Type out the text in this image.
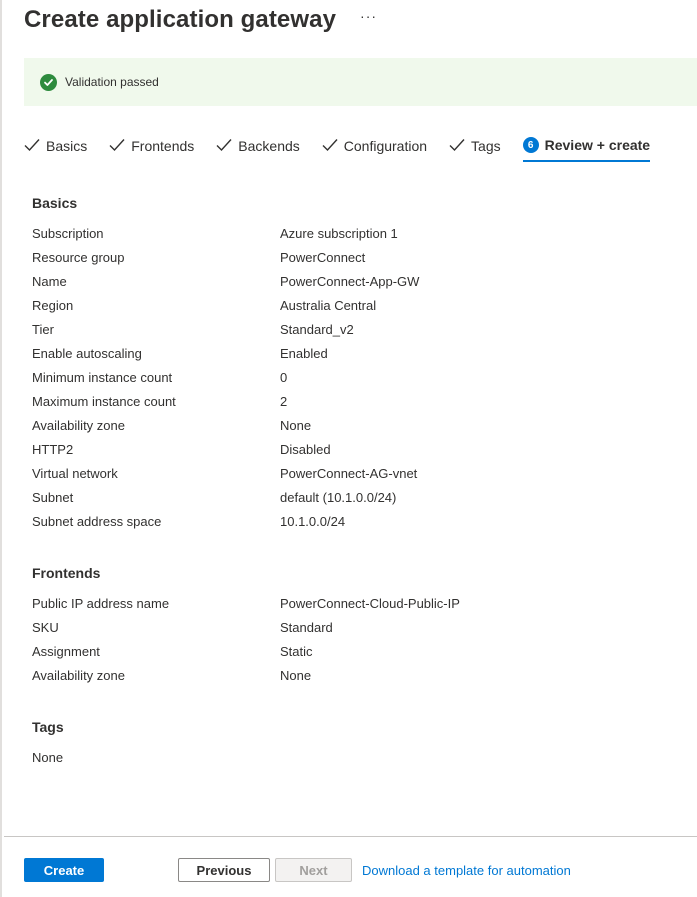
Create application gateway ···
Validation passed
Basics	Frontends	Backends	Configuration	Tags	6 Review + create
Basics
Subscription	Azure subscription 1
Resource group	PowerConnect
Name	PowerConnect-App-GW
Region	Australia Central
Tier	Standard_v2
Enable autoscaling	Enabled
Minimum instance count	0
Maximum instance count	2
Availability zone	None
HTTP2	Disabled
Virtual network	PowerConnect-AG-vnet
Subnet	default (10.1.0.0/24)
Subnet address space	10.1.0.0/24
Frontends
Public IP address name	PowerConnect-Cloud-Public-IP
SKU	Standard
Assignment	Static
Availability zone	None
Tags
None
Create	Previous	Next	Download a template for automation
